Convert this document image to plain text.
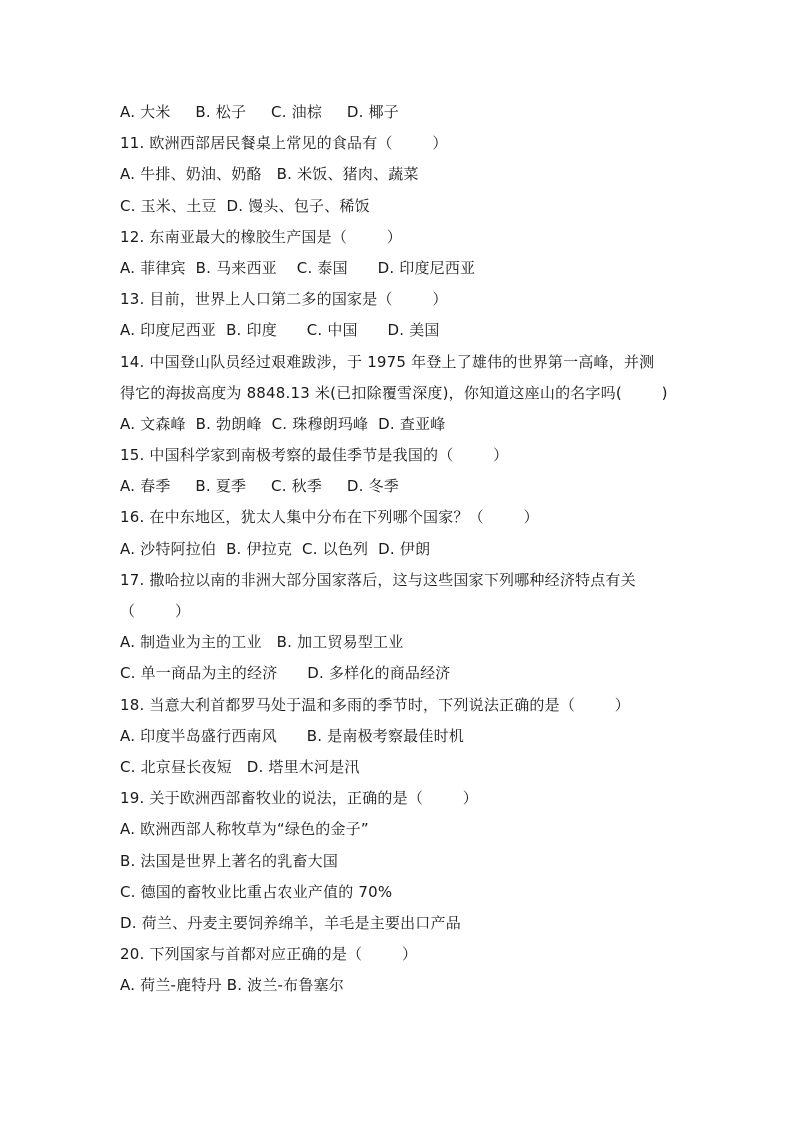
A. 大米     B. 松子     C. 油棕     D. 椰子
11. 欧洲西部居民餐桌上常见的食品有（        ）
A. 牛排、奶油、奶酪   B. 米饭、猪肉、蔬菜
C. 玉米、土豆  D. 馒头、包子、稀饭
12. 东南亚最大的橡胶生产国是（        ）
A. 菲律宾  B. 马来西亚    C. 泰国      D. 印度尼西亚
13. 目前，世界上人口第二多的国家是（        ）
A. 印度尼西亚  B. 印度      C. 中国      D. 美国
14. 中国登山队员经过艰难跋涉，于 1975 年登上了雄伟的世界第一高峰，并测
得它的海拔高度为 8848.13 米(已扣除覆雪深度)，你知道这座山的名字吗(        )
A. 文森峰  B. 勃朗峰  C. 珠穆朗玛峰  D. 查亚峰
15. 中国科学家到南极考察的最佳季节是我国的（        ）
A. 春季     B. 夏季     C. 秋季     D. 冬季
16. 在中东地区，犹太人集中分布在下列哪个国家？（        ）
A. 沙特阿拉伯  B. 伊拉克  C. 以色列  D. 伊朗
17. 撒哈拉以南的非洲大部分国家落后，这与这些国家下列哪种经济特点有关
（        ）
A. 制造业为主的工业   B. 加工贸易型工业
C. 单一商品为主的经济      D. 多样化的商品经济
18. 当意大利首都罗马处于温和多雨的季节时，下列说法正确的是（        ）
A. 印度半岛盛行西南风      B. 是南极考察最佳时机
C. 北京昼长夜短   D. 塔里木河是汛
19. 关于欧洲西部畜牧业的说法，正确的是（        ）
A. 欧洲西部人称牧草为“绿色的金子”
B. 法国是世界上著名的乳畜大国
C. 德国的畜牧业比重占农业产值的 70%
D. 荷兰、丹麦主要饲养绵羊，羊毛是主要出口产品
20. 下列国家与首都对应正确的是（        ）
A. 荷兰-鹿特丹 B. 波兰-布鲁塞尔
